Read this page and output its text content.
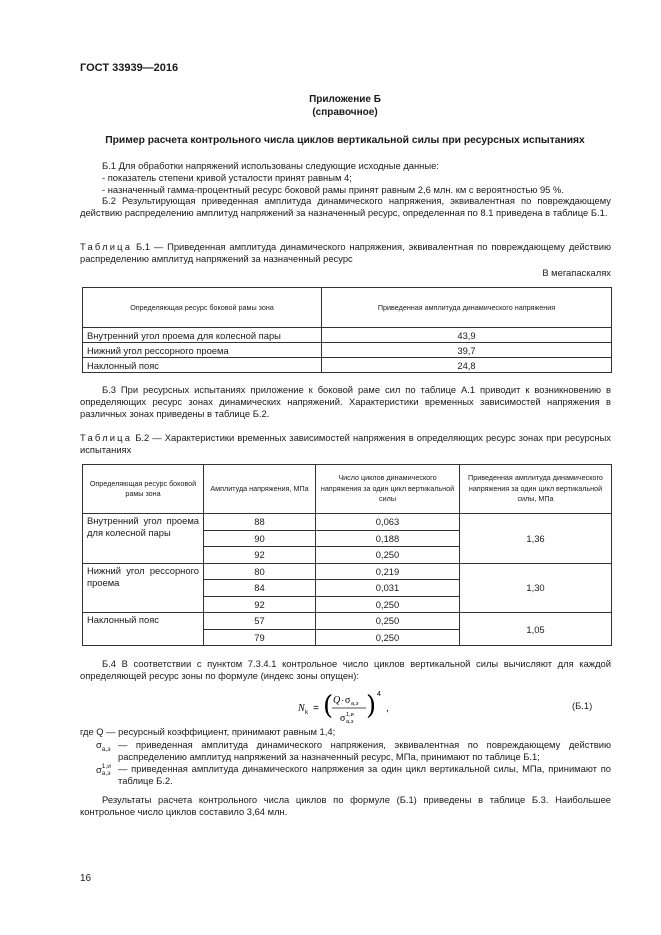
ГОСТ 33939—2016
Приложение Б
(справочное)
Пример расчета контрольного числа циклов вертикальной силы при ресурсных испытаниях
Б.1 Для обработки напряжений использованы следующие исходные данные:
- показатель степени кривой усталости принят равным 4;
- назначенный гамма-процентный ресурс боковой рамы принят равным 2,6 млн. км с вероятностью 95 %.
Б.2 Результирующая приведенная амплитуда динамического напряжения, эквивалентная по повреждающему действию распределению амплитуд напряжений за назначенный ресурс, определенная по 8.1 приведена в таблице Б.1.
Таблица Б.1 — Приведенная амплитуда динамического напряжения, эквивалентная по повреждающему действию распределению амплитуд напряжений за назначенный ресурс
В мегапаскалях
Определяющая ресурс боковой рамы зона	Приведенная амплитуда динамического напряжения
Внутренний угол проема для колесной пары	43,9
Нижний угол рессорного проема	39,7
Наклонный пояс	24,8
Б.3 При ресурсных испытаниях приложение к боковой раме сил по таблице А.1 приводит к возникновению в определяющих ресурс зонах динамических напряжений. Характеристики временных зависимостей напряжения в различных зонах приведены в таблице Б.2.
Таблица Б.2 — Характеристики временных зависимостей напряжения в определяющих ресурс зонах при ресурсных испытаниях
Определяющая ресурс боковой рамы зона	Амплитуда напряжения, МПа	Число циклов динамического напряжения за один цикл вертикальной силы	Приведенная амплитуда динамического напряжения за один цикл вертикальной силы, МПа
Внутренний угол проема для колесной пары	88	0,063	1,36
	90	0,188	
	92	0,250	
Нижний угол рессорного проема	80	0,219	1,30
	84	0,031	
	92	0,250	
Наклонный пояс	57	0,250	1,05
	79	0,250	
Б.4 В соответствии с пунктом 7.3.4.1 контрольное число циклов вертикальной силы вычисляют для каждой определяющей ресурс зоны по формуле (индекс зоны опущен):
N k = ( Q · σ а,э
σ 1,и
а,э
) 4
,	(Б.1)
где Q — ресурсный коэффициент, принимают равным 1,4;
$\sigma_{а,э}$ — приведенная амплитуда динамического напряжения, эквивалентная по повреждающему действию распределению амплитуд напряжений за назначенный ресурс, МПа, принимают по таблице Б.1;
σ 1,и
а,э — приведенная амплитуда динамического напряжения за один цикл вертикальной силы, МПа, принимают по таблице Б.2.
Результаты расчета контрольного числа циклов по формуле (Б.1) приведены в таблице Б.3. Наибольшее контрольное число циклов составило 3,64 млн.
16
